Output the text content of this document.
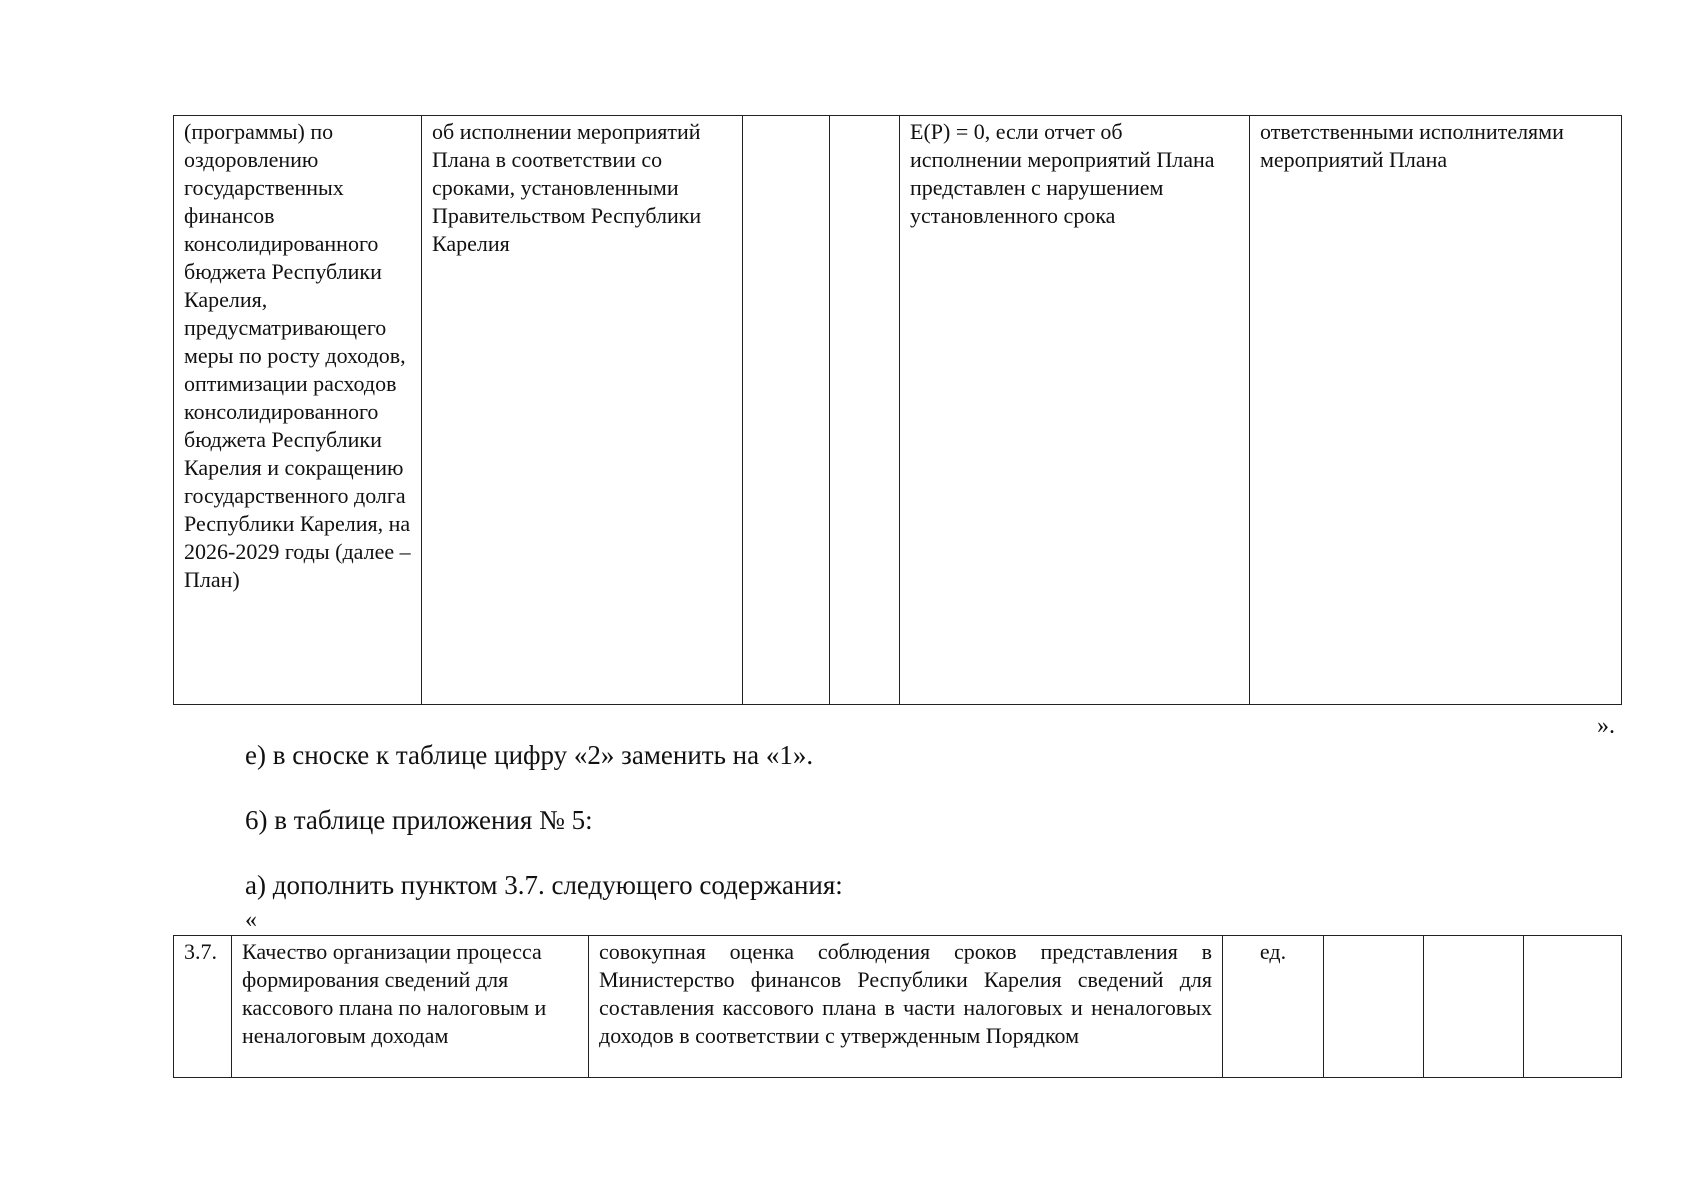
(программы) по оздоровлению государственных финансов консолидированного бюджета Республики Карелия, предусматривающего меры по росту доходов, оптимизации расходов консолидированного бюджета Республики Карелия и сокращению государственного долга Республики Карелия, на 2026-2029 годы (далее – План)	об исполнении мероприятий Плана в соответствии со сроками, установленными Правительством Республики Карелия			E(P) = 0, если отчет об исполнении мероприятий Плана представлен с нарушением установленного срока	ответственными исполнителями мероприятий Плана
».
е) в сноске к таблице цифру «2» заменить на «1».
6) в таблице приложения № 5:
а) дополнить пунктом 3.7. следующего содержания:
«
3.7.	Качество организации процесса формирования сведений для кассового плана по налоговым и неналоговым доходам	совокупная оценка соблюдения сроков представления в Министерство финансов Республики Карелия сведений для составления кассового плана в части налоговых и неналоговых доходов в соответствии с утвержденным Порядком	ед.			
